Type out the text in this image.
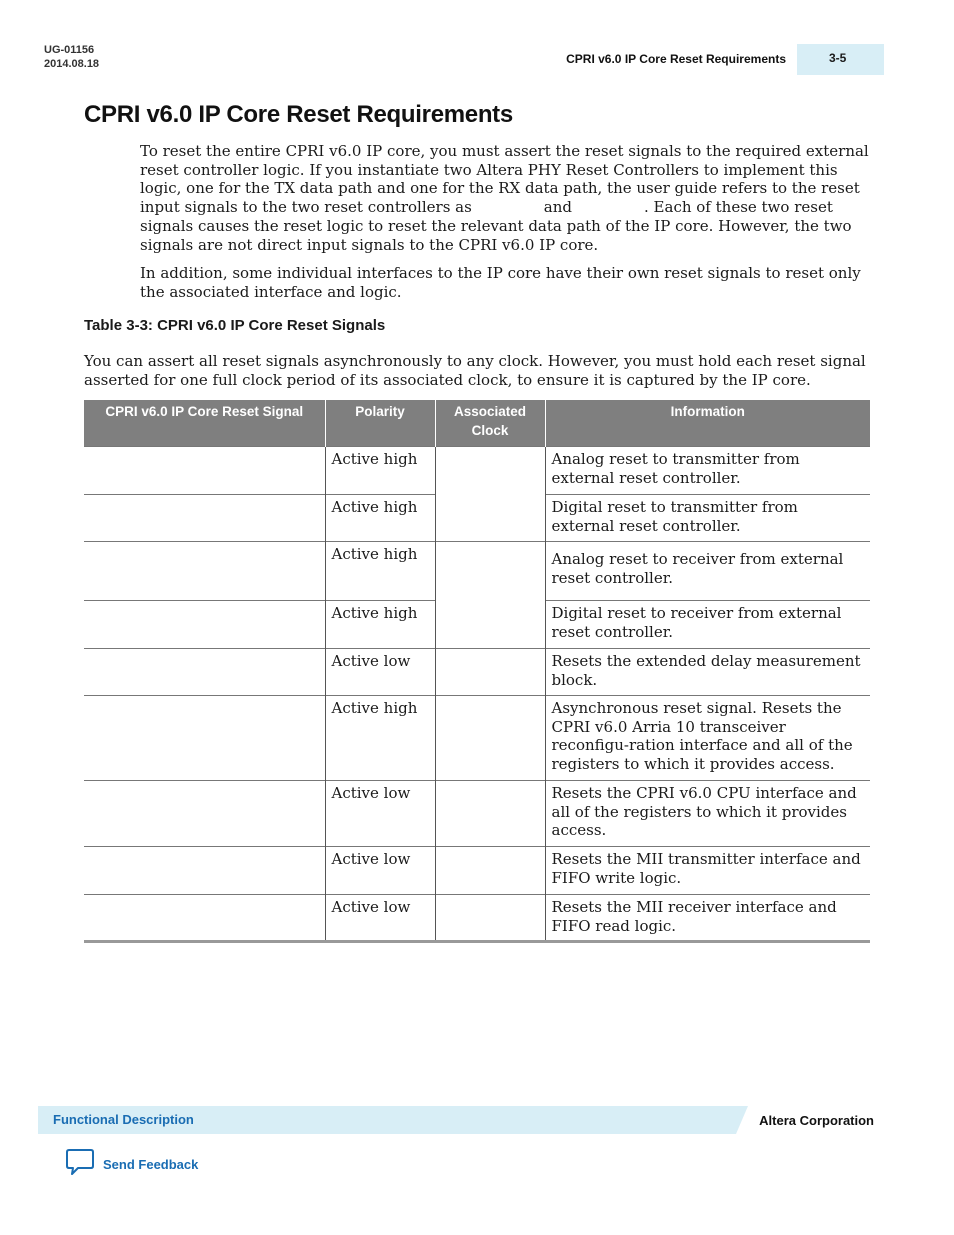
UG-01156
2014.08.18	CPRI v6.0 IP Core Reset Requirements	3-5
CPRI v6.0 IP Core Reset Requirements

To reset the entire CPRI v6.0 IP core, you must assert the reset signals to the required external reset controller logic. If you instantiate two Altera PHY Reset Controllers to implement this logic, one for the TX data path and one for the RX data path, the user guide refers to the reset input signals to the two reset controllers as	and	. Each of these two reset signals causes the reset logic to reset the relevant data path of the IP core. However, the two signals are not direct input signals to the CPRI v6.0 IP core.

In addition, some individual interfaces to the IP core have their own reset signals to reset only the associated interface and logic.

Table 3-3: CPRI v6.0 IP Core Reset Signals

You can assert all reset signals asynchronously to any clock. However, you must hold each reset signal asserted for one full clock period of its associated clock, to ensure it is captured by the IP core.

CPRI v6.0 IP Core Reset Signal	Polarity	Associated Clock	Information
	Active high		Analog reset to transmitter from external reset controller.
	Active high		Digital reset to transmitter from external reset controller.
	Active high		Analog reset to receiver from external reset controller.
	Active high		Digital reset to receiver from external reset controller.
	Active low		Resets the extended delay measurement block.
	Active high		Asynchronous reset signal. Resets the CPRI v6.0 Arria 10 transceiver reconfigu-ration interface and all of the registers to which it provides access.
	Active low		Resets the CPRI v6.0 CPU interface and all of the registers to which it provides access.
	Active low		Resets the MII transmitter interface and FIFO write logic.
	Active low		Resets the MII receiver interface and FIFO read logic.
Functional Description	Altera Corporation
Send Feedback
